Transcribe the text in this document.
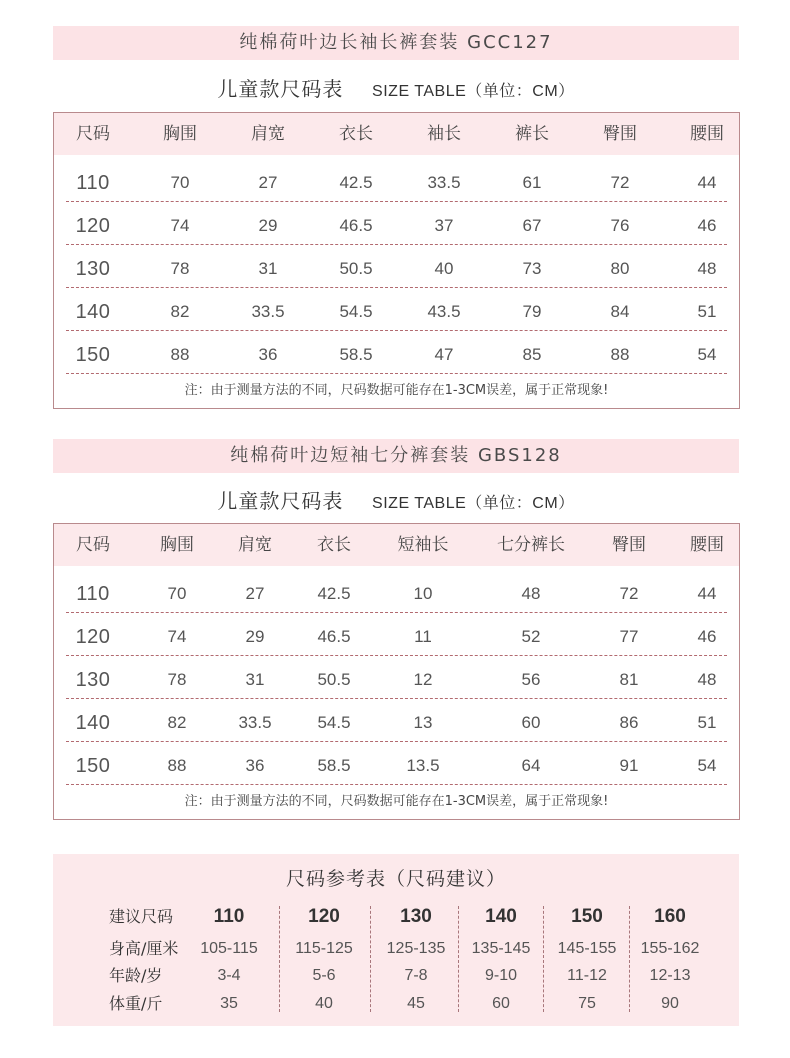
纯棉荷叶边长袖长裤套装 GCC127
儿童款尺码表 SIZE TABLE（单位：CM）
尺码	胸围	肩宽	衣长	袖长	裤长	臀围	腰围
110	70	27	42.5	33.5	61	72	44
120	74	29	46.5	37	67	76	46
130	78	31	50.5	40	73	80	48
140	82	33.5	54.5	43.5	79	84	51
150	88	36	58.5	47	85	88	54
注：由于测量方法的不同，尺码数据可能存在1-3CM误差，属于正常现象!
纯棉荷叶边短袖七分裤套装 GBS128
儿童款尺码表 SIZE TABLE（单位：CM）
尺码	胸围	肩宽	衣长	短袖长	七分裤长	臀围	腰围
110	70	27	42.5	10	48	72	44
120	74	29	46.5	11	52	77	46
130	78	31	50.5	12	56	81	48
140	82	33.5	54.5	13	60	86	51
150	88	36	58.5	13.5	64	91	54
注：由于测量方法的不同，尺码数据可能存在1-3CM误差，属于正常现象!
尺码参考表（尺码建议）
建议尺码 110	120	130	140	150	160
身高/厘米 105-115 115-125 125-135 135-145 145-155 155-162
年龄/岁	3-4	5-6	7-8	9-10	11-12	12-13
体重/斤	35	40	45	60	75	90
